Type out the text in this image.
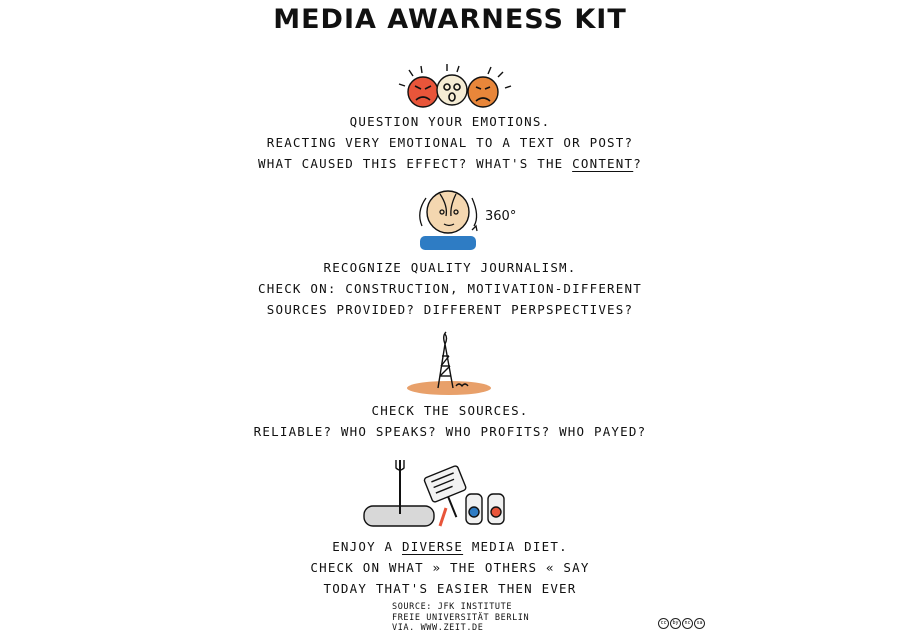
MEDIA AWARNESS KIT
QUESTION YOUR EMOTIONS.
REACTING VERY EMOTIONAL TO A TEXT OR POST?
WHAT CAUSED THIS EFFECT? WHAT'S THE CONTENT?
360°
RECOGNIZE QUALITY JOURNALISM.
CHECK ON: CONSTRUCTION, MOTIVATION-DIFFERENT
SOURCES PROVIDED? DIFFERENT PERPSPECTIVES?
CHECK THE SOURCES.
RELIABLE? WHO SPEAKS? WHO PROFITS? WHO PAYED?
ENJOY A DIVERSE MEDIA DIET.
CHECK ON WHAT » THE OTHERS « SAY
TODAY THAT'S EASIER THEN EVER
SOURCE: JFK INSTITUTE
FREIE UNIVERSITÄT BERLIN
VIA. WWW.ZEIT.DE	cc	by	nc	sa
